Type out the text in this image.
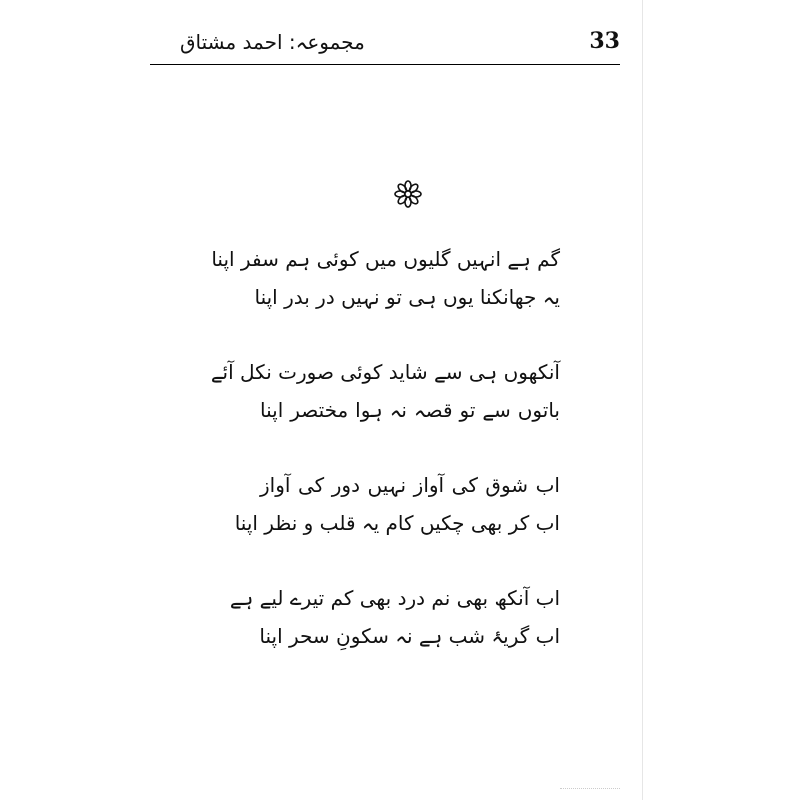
مجموعہ: احمد مشتاق	33
گم ہے انہیں گلیوں میں کوئی ہم سفر اپنا
یہ جھانکنا یوں ہی تو نہیں در بدر اپنا
آنکھوں ہی سے شاید کوئی صورت نکل آئے
باتوں سے تو قصہ نہ ہوا مختصر اپنا
اب شوق کی آواز نہیں دور کی آواز
اب کر بھی چکیں کام یہ قلب و نظر اپنا
اب آنکھ بھی نم درد بھی کم تیرے لیے ہے
اب گریۂ شب ہے نہ سکونِ سحر اپنا
